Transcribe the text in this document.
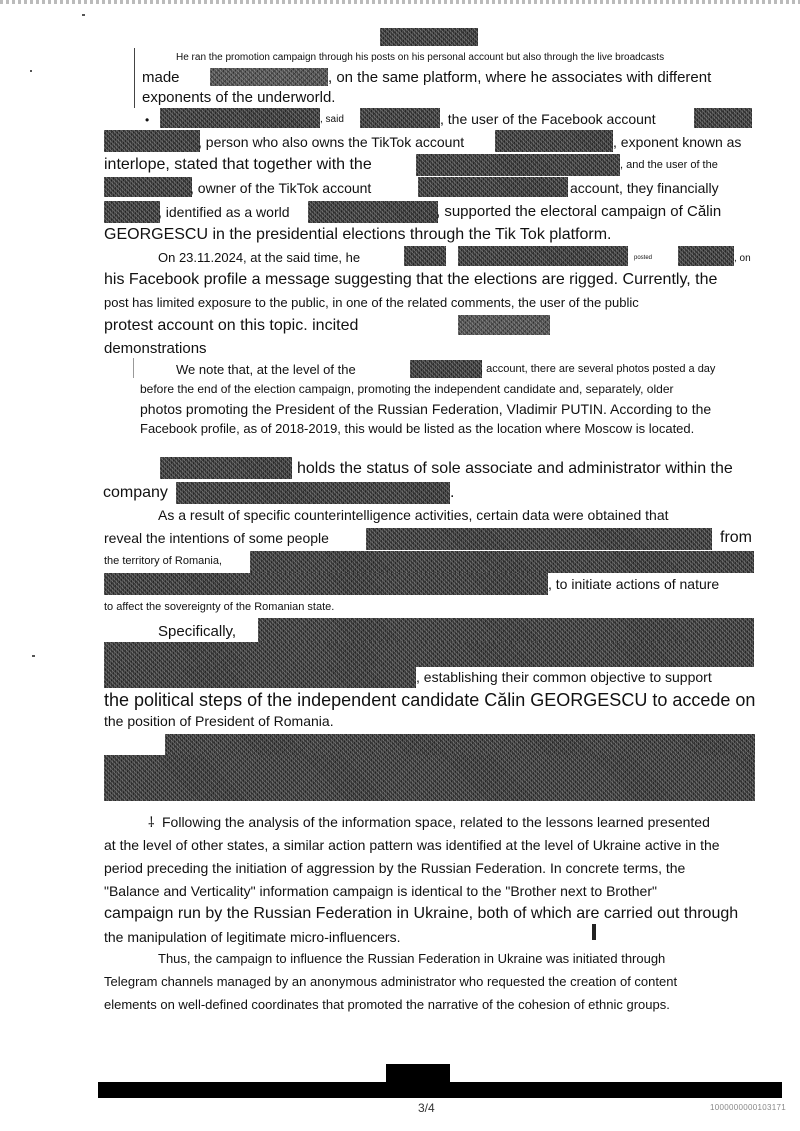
He ran the promotion campaign through his posts on his personal account but also through the live broadcasts
made	, on the same platform, where he associates with different
exponents of the underworld.
•	, said	, the user of the Facebook account
, person who also owns the TikTok account	, exponent known as
interlope, stated that together with the	, and the user of the
, owner of the TikTok account	account, they financially
, identified as a world	, supported the electoral campaign of Călin
GEORGESCU in the presidential elections through the Tik Tok platform.
On 23.11.2024, at the said time, he	posted	, on
his Facebook profile a message suggesting that the elections are rigged. Currently, the
post has limited exposure to the public, in one of the related comments, the user of the public
protest account on this topic. incited
demonstrations
We note that, at the level of the	, account, there are several photos posted a day
before the end of the election campaign, promoting the independent candidate and, separately, older
photos promoting the President of the Russian Federation, Vladimir PUTIN. According to the
Facebook profile, as of 2018-2019, this would be listed as the location where Moscow is located.
holds the status of sole associate and administrator within the
company	.
As a result of specific counterintelligence activities, certain data were obtained that
reveal the intentions of some people	from
the territory of Romania,
, to initiate actions of nature
to affect the sovereignty of the Romanian state.
Specifically,
, establishing their common objective to support
the political steps of the independent candidate Călin GEORGESCU to accede on
the position of President of Romania.
⸸ Following the analysis of the information space, related to the lessons learned presented
at the level of other states, a similar action pattern was identified at the level of Ukraine active in the
period preceding the initiation of aggression by the Russian Federation. In concrete terms, the
"Balance and Verticality" information campaign is identical to the "Brother next to Brother"
campaign run by the Russian Federation in Ukraine, both of which are carried out through
the manipulation of legitimate micro-influencers.
Thus, the campaign to influence the Russian Federation in Ukraine was initiated through
Telegram channels managed by an anonymous administrator who requested the creation of content
elements on well-defined coordinates that promoted the narrative of the cohesion of ethnic groups.
3/4	1000000000103171
